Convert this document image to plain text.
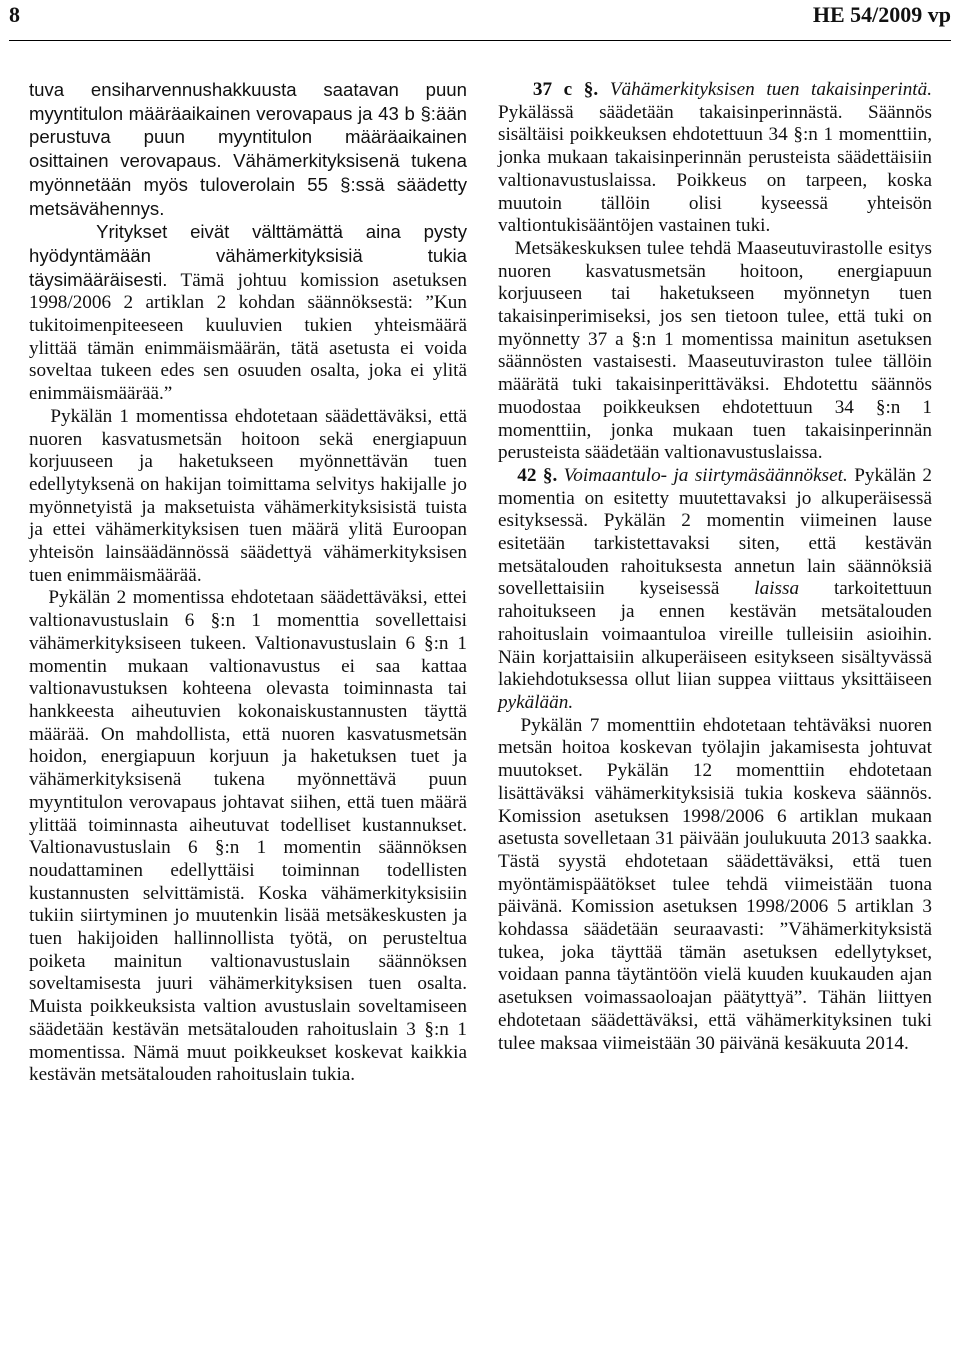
8	HE 54/2009 vp

tuva ensiharvennushakkuusta saatavan puun myyntitulon määräaikainen verovapaus ja 43 b §:ään perustuva puun myyntitulon määräaikainen osittainen verovapaus. Vähämerkityksisenä tukena myönnetään myös tuloverolain 55 §:ssä säädetty metsävähennys.

Yritykset eivät välttämättä aina pysty hyödyntämään vähämerkityksisiä tukia täysimääräisesti. Tämä johtuu komission asetuksen 1998/2006 2 artiklan 2 kohdan säännöksestä: ”Kun tukitoimenpiteeseen kuuluvien tukien yhteismäärä ylittää tämän enimmäismäärän, tätä asetusta ei voida soveltaa tukeen edes sen osuuden osalta, joka ei ylitä enimmäismäärää.”

Pykälän 1 momentissa ehdotetaan säädettäväksi, että nuoren kasvatusmetsän hoitoon sekä energiapuun korjuuseen ja haketukseen myönnettävän tuen edellytyksenä on hakijan toimittama selvitys hakijalle jo myönnetyistä ja maksetuista vähämerkityksisistä tuista ja ettei vähämerkityksisen tuen määrä ylitä Euroopan yhteisön lainsäädännössä säädettyä vähämerkityksisen tuen enimmäismäärää.

Pykälän 2 momentissa ehdotetaan säädettäväksi, ettei valtionavustuslain 6 §:n 1 momenttia sovellettaisi vähämerkityksiseen tukeen. Valtionavustuslain 6 §:n 1 momentin mukaan valtionavustus ei saa kattaa valtionavustuksen kohteena olevasta toiminnasta tai hankkeesta aiheutuvien kokonaiskustannusten täyttä määrää. On mahdollista, että nuoren kasvatusmetsän hoidon, energiapuun korjuun ja haketuksen tuet ja vähämerkityksisenä tukena myönnettävä puun myyntitulon verovapaus johtavat siihen, että tuen määrä ylittää toiminnasta aiheutuvat todelliset kustannukset. Valtionavustuslain 6 §:n 1 momentin säännöksen noudattaminen edellyttäisi toiminnan todellisten kustannusten selvittämistä. Koska vähämerkityksisiin tukiin siirtyminen jo muutenkin lisää metsäkeskusten ja tuen hakijoiden hallinnollista työtä, on perusteltua poiketa mainitun valtionavustuslain säännöksen soveltamisesta juuri vähämerkityksisen tuen osalta. Muista poikkeuksista valtion avustuslain soveltamiseen säädetään kestävän metsätalouden rahoituslain 3 §:n 1 momentissa. Nämä muut poikkeukset koskevat kaikkia kestävän metsätalouden rahoituslain tukia.

37 c §. Vähämerkityksisen tuen takaisinperintä. Pykälässä säädetään takaisinperinnästä. Säännös sisältäisi poikkeuksen ehdotettuun 34 §:n 1 momenttiin, jonka mukaan takaisinperinnän perusteista säädettäisiin valtionavustuslaissa. Poikkeus on tarpeen, koska muutoin tällöin olisi kyseessä yhteisön valtiontukisääntöjen vastainen tuki.

Metsäkeskuksen tulee tehdä Maaseutuvirastolle esitys nuoren kasvatusmetsän hoitoon, energiapuun korjuuseen tai haketukseen myönnetyn tuen takaisinperimiseksi, jos sen tietoon tulee, että tuki on myönnetty 37 a §:n 1 momentissa mainitun asetuksen säännösten vastaisesti. Maaseutuviraston tulee tällöin määrätä tuki takaisinperittäväksi. Ehdotettu säännös muodostaa poikkeuksen ehdotettuun 34 §:n 1 momenttiin, jonka mukaan tuen takaisinperinnän perusteista säädetään valtionavustuslaissa.

42 §. Voimaantulo- ja siirtymäsäännökset. Pykälän 2 momentia on esitetty muutettavaksi jo alkuperäisessä esityksessä. Pykälän 2 momentin viimeinen lause esitetään tarkistettavaksi siten, että kestävän metsätalouden rahoituksesta annetun lain säännöksiä sovellettaisiin kyseisessä laissa tarkoitettuun rahoitukseen ja ennen kestävän metsätalouden rahoituslain voimaantuloa vireille tulleisiin asioihin. Näin korjattaisiin alkuperäiseen esitykseen sisältyvässä lakiehdotuksessa ollut liian suppea viittaus yksittäiseen pykälään.

Pykälän 7 momenttiin ehdotetaan tehtäväksi nuoren metsän hoitoa koskevan työlajin jakamisesta johtuvat muutokset. Pykälän 12 momenttiin ehdotetaan lisättäväksi vähämerkityksisiä tukia koskeva säännös. Komission asetuksen 1998/2006 6 artiklan mukaan asetusta sovelletaan 31 päivään joulukuuta 2013 saakka. Tästä syystä ehdotetaan säädettäväksi, että tuen myöntämispäätökset tulee tehdä viimeistään tuona päivänä. Komission asetuksen 1998/2006 5 artiklan 3 kohdassa säädetään seuraavasti: ”Vähämerkityksistä tukea, joka täyttää tämän asetuksen edellytykset, voidaan panna täytäntöön vielä kuuden kuukauden ajan asetuksen voimassaoloajan päätyttyä”. Tähän liittyen ehdotetaan säädettäväksi, että vähämerkityksinen tuki tulee maksaa viimeistään 30 päivänä kesäkuuta 2014.
